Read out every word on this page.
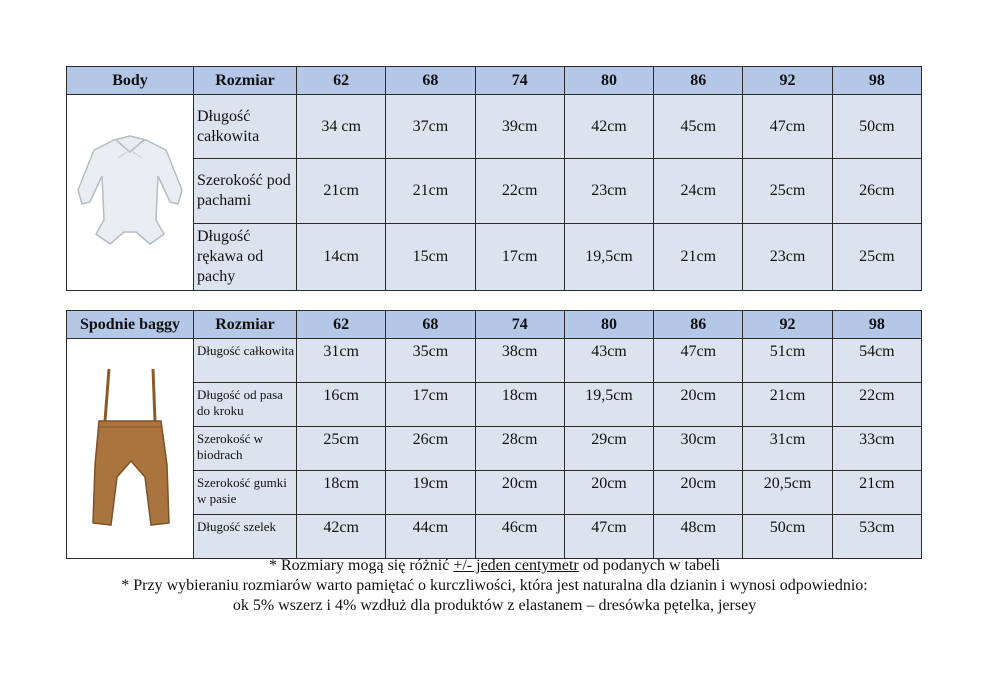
Body	Rozmiar	62	68	74	80	86	92	98

	Długość całkowita	34 cm	37cm	39cm	42cm	45cm	47cm	50cm
	Szerokość pod pachami	21cm	21cm	22cm	23cm	24cm	25cm	26cm
	Długość rękawa od pachy	14cm	15cm	17cm	19,5cm	21cm	23cm	25cm
Spodnie baggy	Rozmiar	62	68	74	80	86	92	98

	Długość całkowita	31cm	35cm	38cm	43cm	47cm	51cm	54cm
	Długość od pasa do kroku	16cm	17cm	18cm	19,5cm	20cm	21cm	22cm
	Szerokość w biodrach	25cm	26cm	28cm	29cm	30cm	31cm	33cm
	Szerokość gumki w pasie	18cm	19cm	20cm	20cm	20cm	20,5cm	21cm
	Długość szelek	42cm	44cm	46cm	47cm	48cm	50cm	53cm
* Rozmiary mogą się różnić +/- jeden centymetr od podanych w tabeli
* Przy wybieraniu rozmiarów warto pamiętać o kurczliwości, która jest naturalna dla dzianin i wynosi odpowiednio:
ok 5% wszerz i 4% wzdłuż dla produktów z elastanem – dresówka pętelka, jersey
